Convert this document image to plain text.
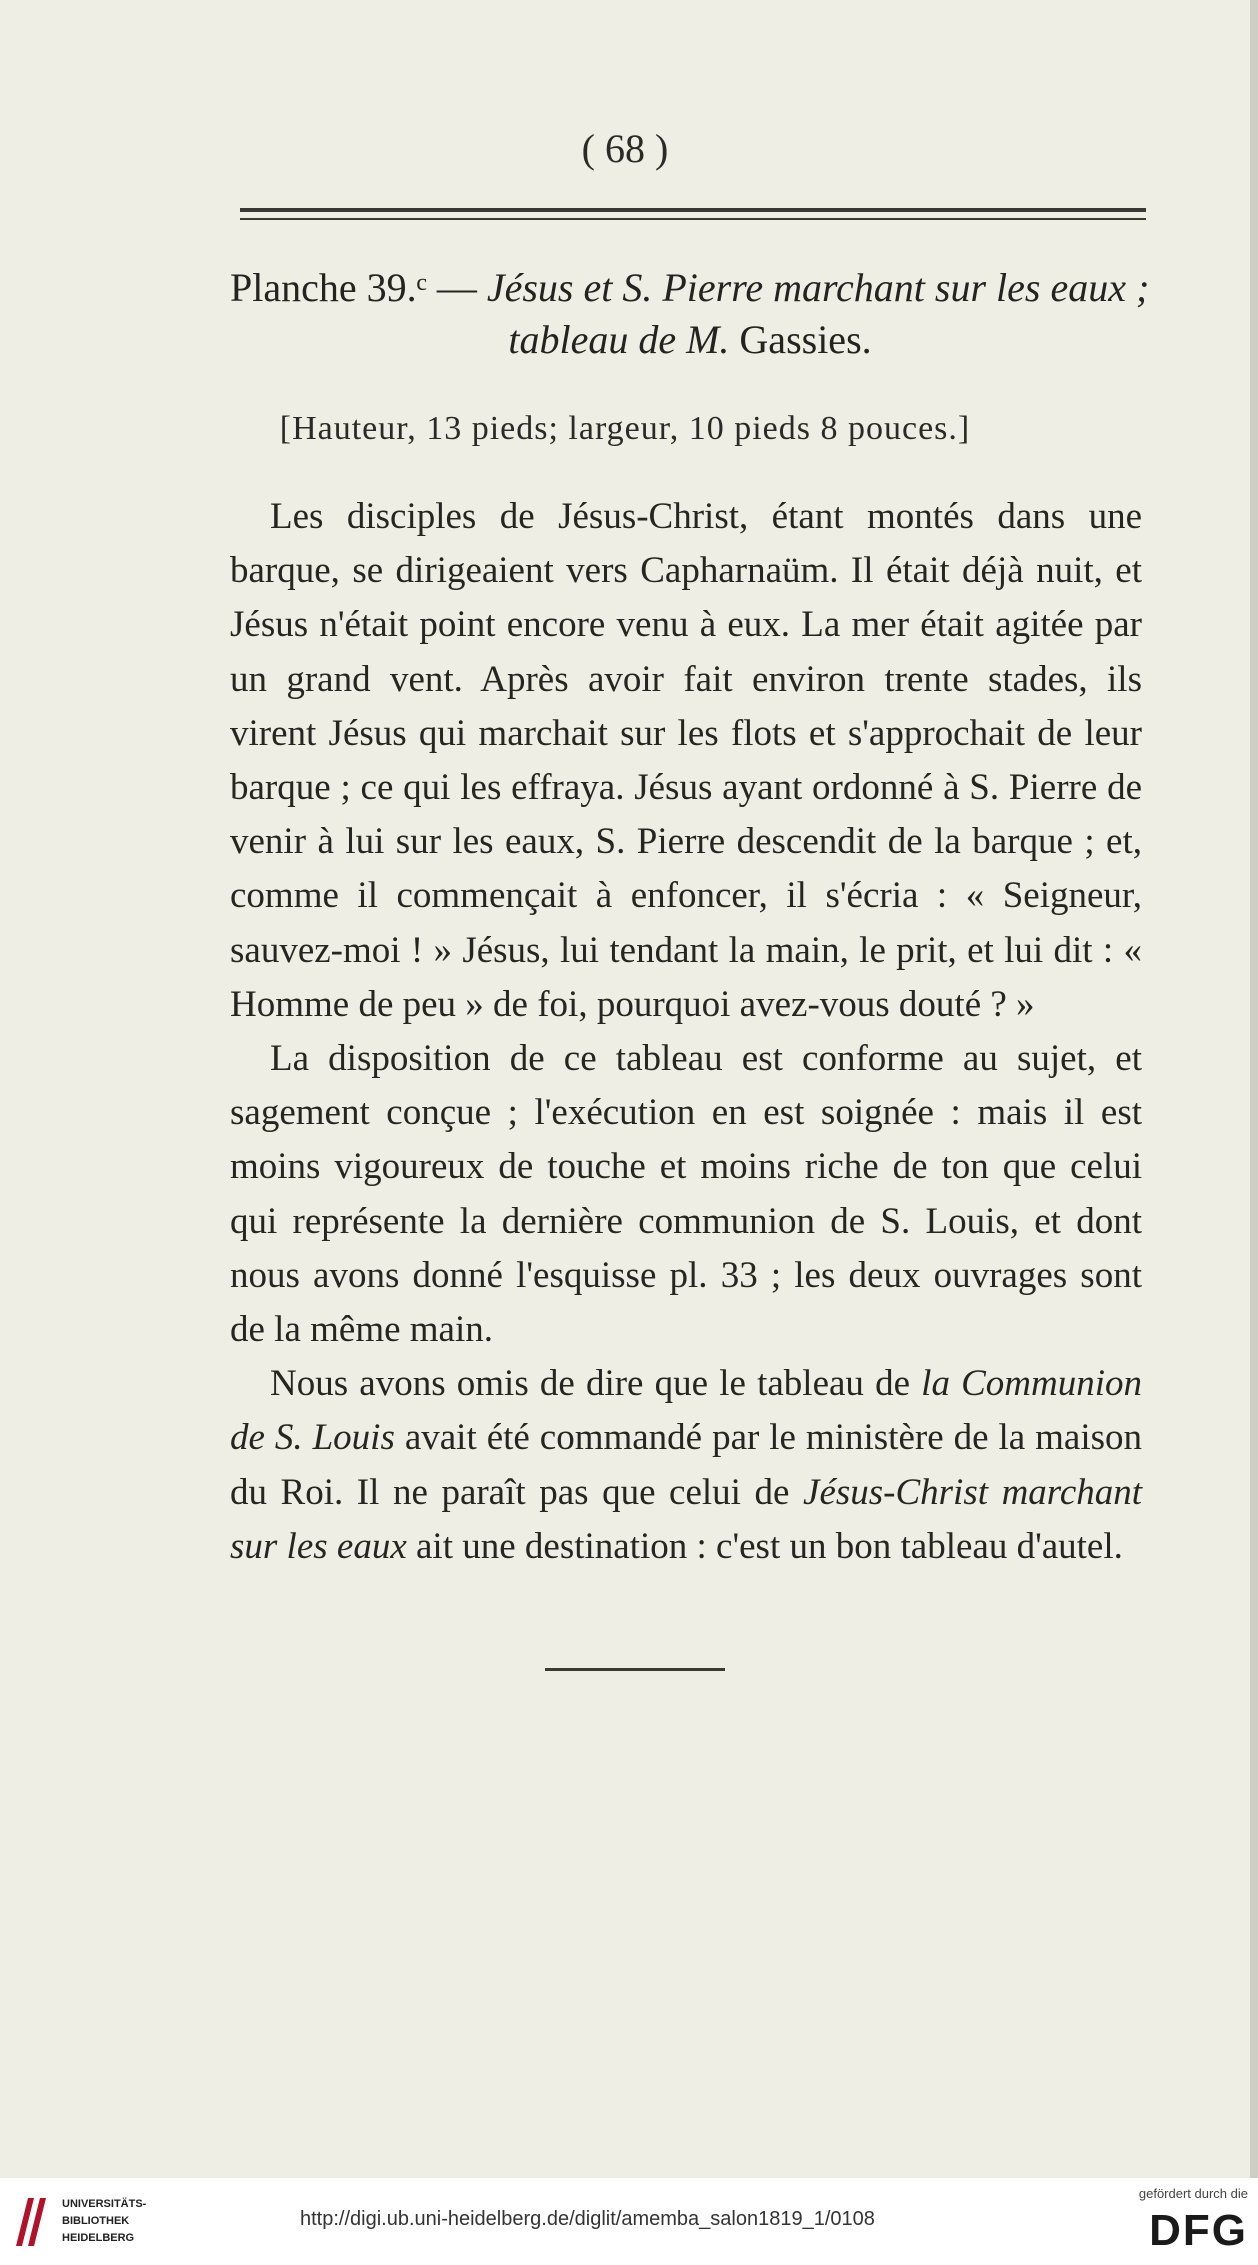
( 68 )
Planche 39.ᶜ — Jésus et S. Pierre marchant sur les eaux ;
tableau de M. Gassies.
[Hauteur, 13 pieds; largeur, 10 pieds 8 pouces.]

Les disciples de Jésus-Christ, étant montés dans une barque, se dirigeaient vers Capharnaüm. Il était déjà nuit, et Jésus n'était point encore venu à eux. La mer était agitée par un grand vent. Après avoir fait environ trente stades, ils virent Jésus qui marchait sur les flots et s'approchait de leur barque ; ce qui les effraya. Jésus ayant ordonné à S. Pierre de venir à lui sur les eaux, S. Pierre descendit de la barque ; et, comme il commençait à enfoncer, il s'écria : « Seigneur, sauvez-moi ! » Jésus, lui tendant la main, le prit, et lui dit : « Homme de peu » de foi, pourquoi avez-vous douté ? »

La disposition de ce tableau est conforme au sujet, et sagement conçue ; l'exécution en est soignée : mais il est moins vigoureux de touche et moins riche de ton que celui qui représente la dernière communion de S. Louis, et dont nous avons donné l'esquisse pl. 33 ; les deux ouvrages sont de la même main.

Nous avons omis de dire que le tableau de la Communion de S. Louis avait été commandé par le ministère de la maison du Roi. Il ne paraît pas que celui de Jésus-Christ marchant sur les eaux ait une destination : c'est un bon tableau d'autel.

UNIVERSITÄTS-
BIBLIOTHEK
HEIDELBERG
http://digi.ub.uni-heidelberg.de/diglit/amemba_salon1819_1/0108
gefördert durch die
DFG
